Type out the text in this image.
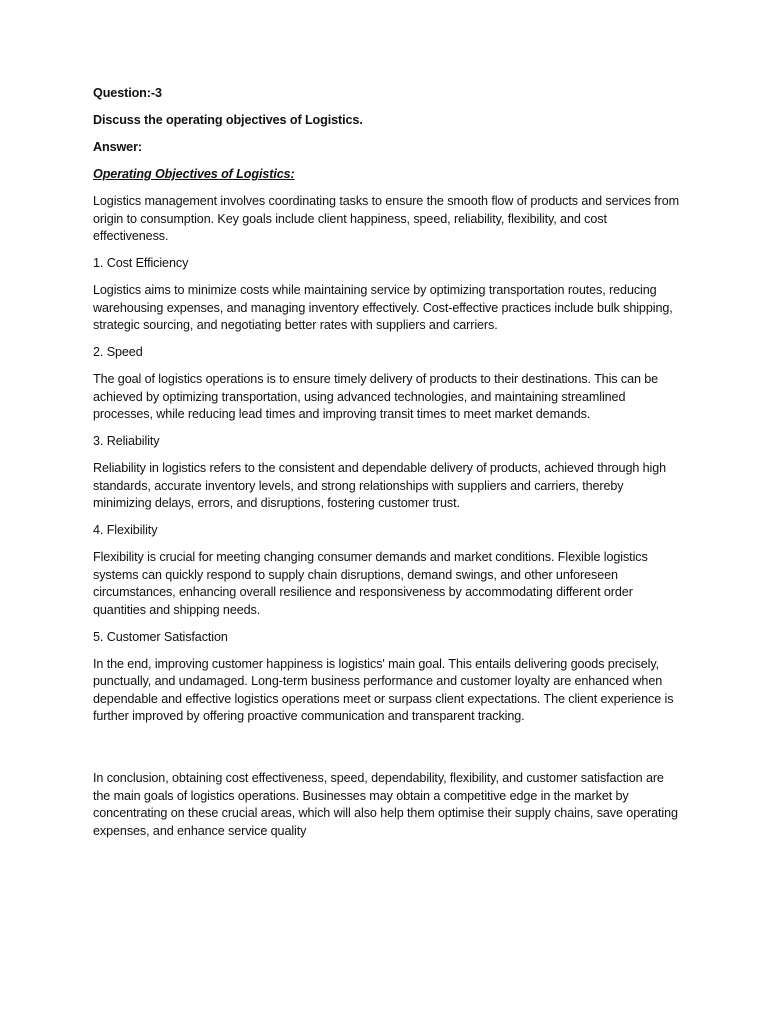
Question:-3

Discuss the operating objectives of Logistics.

Answer:

Operating Objectives of Logistics:

Logistics management involves coordinating tasks to ensure the smooth flow of products and services from origin to consumption. Key goals include client happiness, speed, reliability, flexibility, and cost effectiveness.

1. Cost Efficiency

Logistics aims to minimize costs while maintaining service by optimizing transportation routes, reducing warehousing expenses, and managing inventory effectively. Cost-effective practices include bulk shipping, strategic sourcing, and negotiating better rates with suppliers and carriers.

2. Speed

The goal of logistics operations is to ensure timely delivery of products to their destinations. This can be achieved by optimizing transportation, using advanced technologies, and maintaining streamlined processes, while reducing lead times and improving transit times to meet market demands.

3. Reliability

Reliability in logistics refers to the consistent and dependable delivery of products, achieved through high standards, accurate inventory levels, and strong relationships with suppliers and carriers, thereby minimizing delays, errors, and disruptions, fostering customer trust.

4. Flexibility

Flexibility is crucial for meeting changing consumer demands and market conditions. Flexible logistics systems can quickly respond to supply chain disruptions, demand swings, and other unforeseen circumstances, enhancing overall resilience and responsiveness by accommodating different order quantities and shipping needs.

5. Customer Satisfaction

In the end, improving customer happiness is logistics' main goal. This entails delivering goods precisely, punctually, and undamaged. Long-term business performance and customer loyalty are enhanced when dependable and effective logistics operations meet or surpass client expectations. The client experience is further improved by offering proactive communication and transparent tracking.

In conclusion, obtaining cost effectiveness, speed, dependability, flexibility, and customer satisfaction are the main goals of logistics operations. Businesses may obtain a competitive edge in the market by concentrating on these crucial areas, which will also help them optimise their supply chains, save operating expenses, and enhance service quality
